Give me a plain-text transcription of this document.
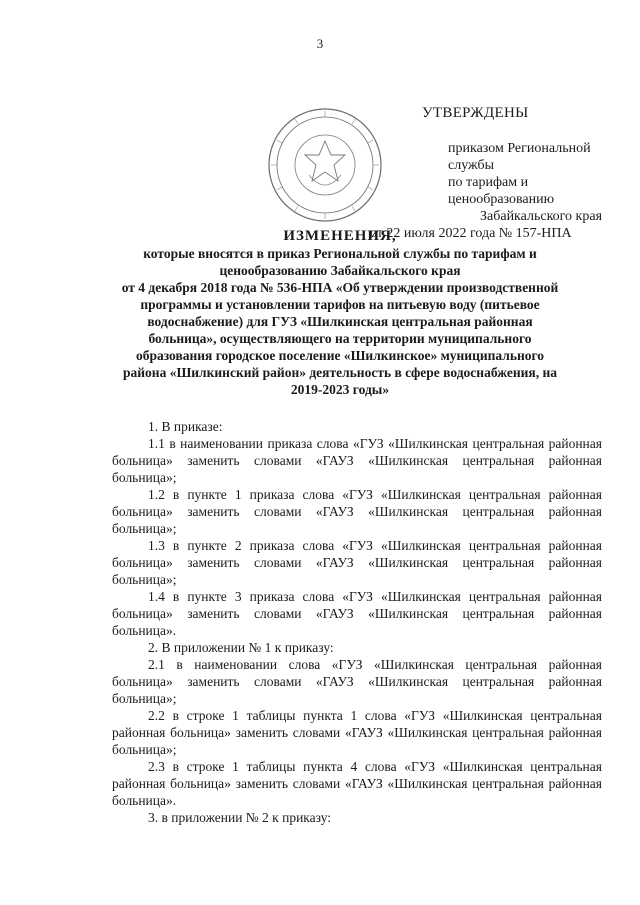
3
УТВЕРЖДЕНЫ
приказом Региональной службы
по тарифам и ценообразованию
Забайкальского края
от 22 июля 2022 года № 157-НПА
ИЗМЕНЕНИЯ,
которые вносятся в приказ Региональной службы по тарифам и
ценообразованию Забайкальского края
от 4 декабря 2018 года № 536-НПА «Об утверждении производственной
программы и установлении тарифов на питьевую воду (питьевое
водоснабжение) для ГУЗ «Шилкинская центральная районная
больница», осуществляющего на территории муниципального
образования городское поселение «Шилкинское» муниципального
района «Шилкинский район» деятельность в сфере водоснабжения, на
2019-2023 годы»

1. В приказе:

1.1 в наименовании приказа слова «ГУЗ «Шилкинская центральная районная больница» заменить словами «ГАУЗ «Шилкинская центральная районная больница»;

1.2 в пункте 1 приказа слова «ГУЗ «Шилкинская центральная районная больница» заменить словами «ГАУЗ «Шилкинская центральная районная больница»;

1.3 в пункте 2 приказа слова «ГУЗ «Шилкинская центральная районная больница» заменить словами «ГАУЗ «Шилкинская центральная районная больница»;

1.4 в пункте 3 приказа слова «ГУЗ «Шилкинская центральная районная больница» заменить словами «ГАУЗ «Шилкинская центральная районная больница».

2. В приложении № 1 к приказу:

2.1 в наименовании слова «ГУЗ «Шилкинская центральная районная больница» заменить словами «ГАУЗ «Шилкинская центральная районная больница»;

2.2 в строке 1 таблицы пункта 1 слова «ГУЗ «Шилкинская центральная районная больница» заменить словами «ГАУЗ «Шилкинская центральная районная больница»;

2.3 в строке 1 таблицы пункта 4 слова «ГУЗ «Шилкинская центральная районная больница» заменить словами «ГАУЗ «Шилкинская центральная районная больница».

3. в приложении № 2 к приказу:
